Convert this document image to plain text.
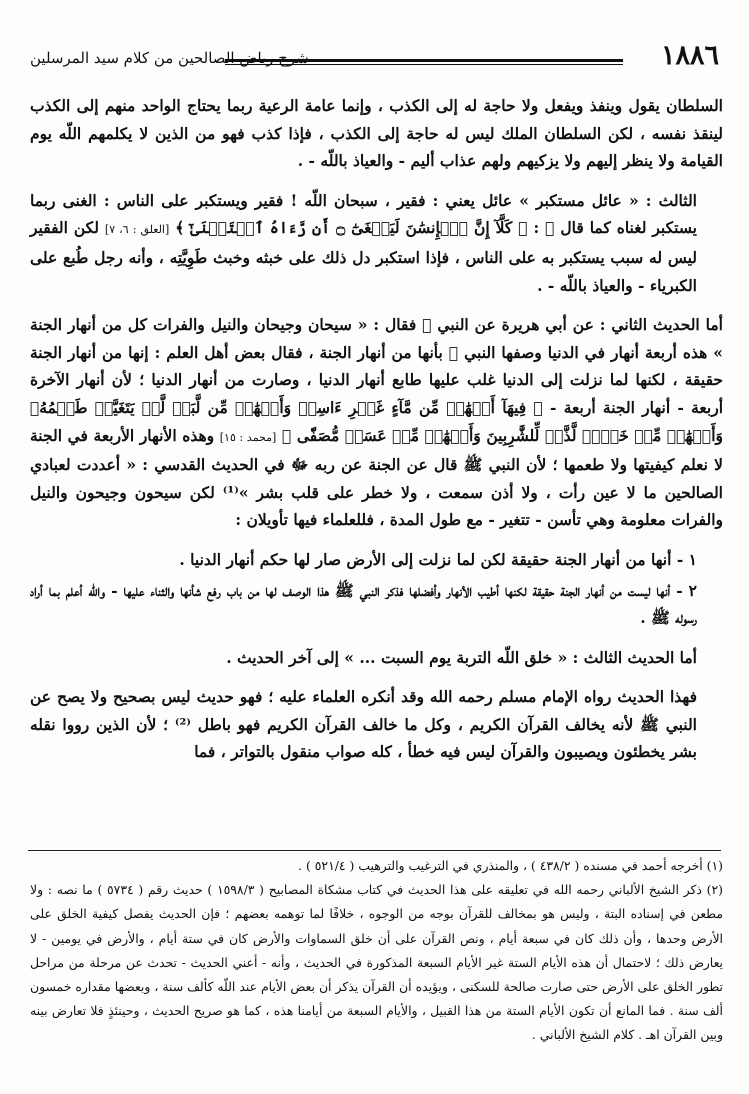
١٨٨٦
شرح رياض الصالحين من كلام سيد المرسلين

السلطان يقول وينفذ ويفعل ولا حاجة له إلى الكذب ، وإنما عامة الرعية ربما يحتاج الواحد منهم إلى الكذب لينقذ نفسه ، لكن السلطان الملك ليس له حاجة إلى الكذب ، فإذا كذب فهو من الذين لا يكلمهم اللّه يوم القيامة ولا ينظر إليهم ولا يزكيهم ولهم عذاب أليم - والعياذ باللّه - .

الثالث : « عائل مستكبر » عائل يعني : فقير ، سبحان اللّه ! فقير ويستكبر على الناس : الغنى ربما يستكبر لغناه كما قال ﷻ : ﴿ كَلَّآ إِنَّ ٱلۡإِنسَٰنَ لَيَطۡغَىٰٓ ۝ أَن رَّءَاهُ ٱسۡتَغۡنَىٰٓ ﴾ [العلق : ٦، ٧] لكن الفقير ليس له سبب يستكبر به على الناس ، فإذا استكبر دل ذلك على خبثه وخبث طَوِيَّتِه ، وأنه رجل طُبع على الكبرياء - والعياذ باللّه - .

أما الحديث الثاني : عن أبي هريرة عن النبي ﷺ فقال : « سيحان وجيحان والنيل والفرات كل من أنهار الجنة » هذه أربعة أنهار في الدنيا وصفها النبي ﷺ بأنها من أنهار الجنة ، فقال بعض أهل العلم : إنها من أنهار الجنة حقيقة ، لكنها لما نزلت إلى الدنيا غلب عليها طابع أنهار الدنيا ، وصارت من أنهار الدنيا ؛ لأن أنهار الآخرة أربعة - أنهار الجنة أربعة - ﴿ فِيهَآ أَنۡهَٰرٞ مِّن مَّآءٍ غَيۡرِ ءَاسِنٖ وَأَنۡهَٰرٞ مِّن لَّبَنٖ لَّمۡ يَتَغَيَّرۡ طَعۡمُهُۥ وَأَنۡهَٰرٞ مِّنۡ خَمۡرٖ لَّذَّةٖ لِّلشَّٰرِبِينَ وَأَنۡهَٰرٞ مِّنۡ عَسَلٖ مُّصَفّٗى ﴾ [محمد : ١٥] وهذه الأنهار الأربعة في الجنة لا نعلم كيفيتها ولا طعمها ؛ لأن النبي ﷺ قال عن الجنة عن ربه ﷻ في الحديث القدسي : « أعددت لعبادي الصالحين ما لا عين رأت ، ولا أذن سمعت ، ولا خطر على قلب بشر »⁽¹⁾ لكن سيحون وجيحون والنيل والفرات معلومة وهي تأسن - تتغير - مع طول المدة ، فللعلماء فيها تأويلان :

١ - أنها من أنهار الجنة حقيقة لكن لما نزلت إلى الأرض صار لها حكم أنهار الدنيا .

٢ - أنها ليست من أنهار الجنة حقيقة لكنها أطيب الأنهار وأفضلها فذكر النبي ﷺ هذا الوصف لها من باب رفع شأنها والثناء عليها - واللّه أعلم بما أراد رسوله ﷺ .

أما الحديث الثالث : « خلق اللّه التربة يوم السبت ... » إلى آخر الحديث .

فهذا الحديث رواه الإمام مسلم رحمه الله وقد أنكره العلماء عليه ؛ فهو حديث ليس بصحيح ولا يصح عن النبي ﷺ لأنه يخالف القرآن الكريم ، وكل ما خالف القرآن الكريم فهو باطل ⁽²⁾ ؛ لأن الذين رووا نقله بشر يخطئون ويصيبون والقرآن ليس فيه خطأ ، كله صواب منقول بالتواتر ، فما

(١) أخرجه أحمد في مسنده ( ٤٣٨/٢ ) ، والمنذري في الترغيب والترهيب ( ٥٢١/٤ ) .

(٢) ذكر الشيخ الألباني رحمه الله في تعليقه على هذا الحديث في كتاب مشكاة المصابيح ( ١٥٩٨/٣ ) حديث رقم ( ٥٧٣٤ ) ما نصه : ولا مطعن في إسناده البتة ، وليس هو بمخالف للقرآن بوجه من الوجوه ، خلافًا لما توهمه بعضهم ؛ فإن الحديث يفصل كيفية الخلق على الأرض وحدها ، وأن ذلك كان في سبعة أيام ، ونص القرآن على أن خلق السماوات والأرض كان في ستة أيام ، والأرض في يومين - لا يعارض ذلك ؛ لاحتمال أن هذه الأيام الستة غير الأيام السبعة المذكورة في الحديث ، وأنه - أعني الحديث - تحدث عن مرحلة من مراحل تطور الخلق على الأرض حتى صارت صالحة للسكنى ، ويؤيده أن القرآن يذكر أن بعض الأيام عند اللّه كألف سنة ، وبعضها مقداره خمسون ألف سنة . فما المانع أن تكون الأيام الستة من هذا القبيل ، والأيام السبعة من أيامنا هذه ، كما هو صريح الحديث ، وحينئذٍ فلا تعارض بينه وبين القرآن اهـ . كلام الشيخ الألباني .
